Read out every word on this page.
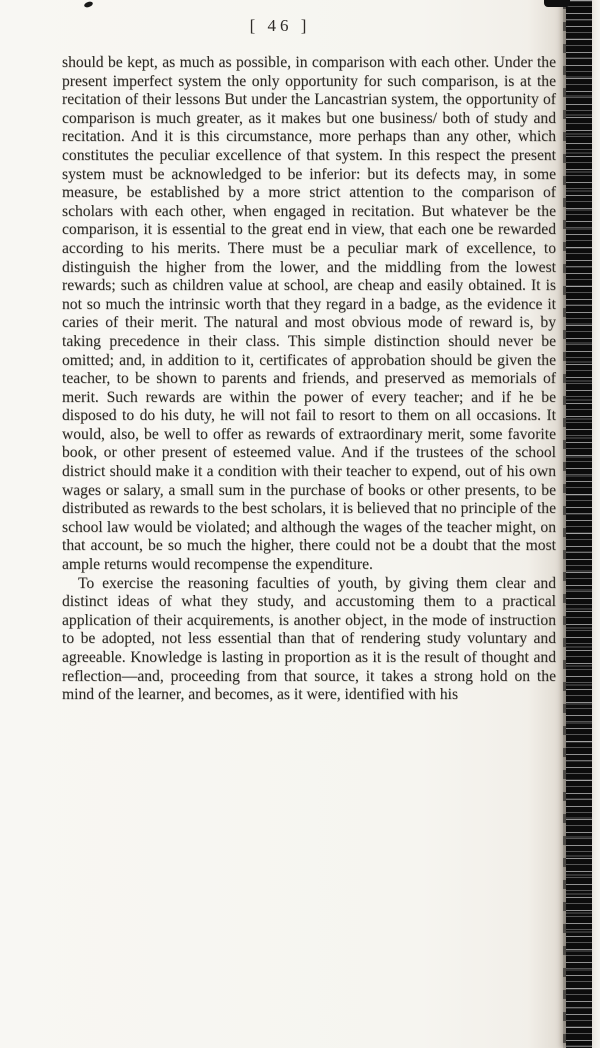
[ 46 ]

should be kept, as much as possible, in comparison with each other. Under the present imperfect system the only opportunity for such comparison, is at the recitation of their lessons But under the Lancastrian system, the opportunity of comparison is much greater, as it makes but one business/ both of study and recitation. And it is this circumstance, more perhaps than any other, which constitutes the peculiar excellence of that system. In this respect the present system must be acknowledged to be inferior: but its defects may, in some measure, be established by a more strict attention to the comparison of scholars with each other, when engaged in recitation. But whatever be the comparison, it is essential to the great end in view, that each one be rewarded according to his merits. There must be a peculiar mark of excellence, to distinguish the higher from the lower, and the middling from the lowest rewards; such as children value at school, are cheap and easily obtained. It is not so much the intrinsic worth that they regard in a badge, as the evidence it caries of their merit. The natural and most obvious mode of reward is, by taking precedence in their class. This simple distinction should never be omitted; and, in addition to it, certificates of approbation should be given the teacher, to be shown to parents and friends, and preserved as memorials of merit. Such rewards are within the power of every teacher; and if he be disposed to do his duty, he will not fail to resort to them on all occasions. It would, also, be well to offer as rewards of extraordinary merit, some favorite book, or other present of esteemed value. And if the trustees of the school district should make it a condition with their teacher to expend, out of his own wages or salary, a small sum in the purchase of books or other presents, to be distributed as rewards to the best scholars, it is believed that no principle of the school law would be violated; and although the wages of the teacher might, on that account, be so much the higher, there could not be a doubt that the most ample returns would recompense the expenditure.

To exercise the reasoning faculties of youth, by giving them clear and distinct ideas of what they study, and accustoming them to a practical application of their acquirements, is another object, in the mode of instruction to be adopted, not less essential than that of rendering study voluntary and agreeable. Knowledge is lasting in proportion as it is the result of thought and reflection—and, proceeding from that source, it takes a strong hold on the mind of the learner, and becomes, as it were, identified with his
